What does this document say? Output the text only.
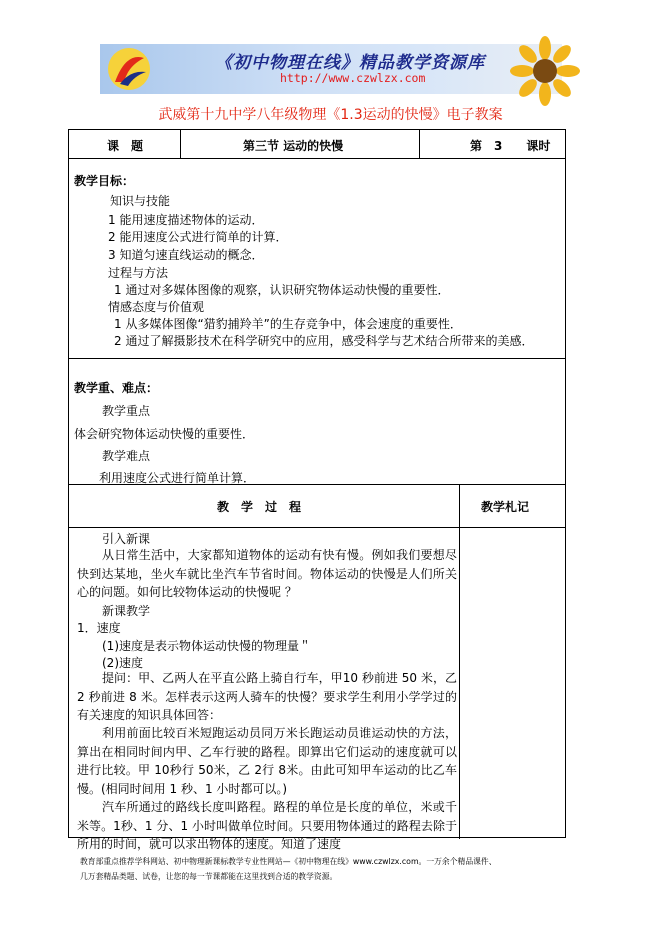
《初中物理在线》精品教学资源库
http://www.czwlzx.com
武威第十九中学八年级物理《1.3运动的快慢》电子教案
课　题	第三节 运动的快慢	第　3　　课时
教学目标：
知识与技能
1 能用速度描述物体的运动．
2 能用速度公式进行简单的计算．
3 知道匀速直线运动的概念．
过程与方法
1 通过对多媒体图像的观察，认识研究物体运动快慢的重要性．
情感态度与价值观
1 从多媒体图像“猎豹捕羚羊”的生存竞争中，体会速度的重要性．
2 通过了解摄影技术在科学研究中的应用，感受科学与艺术结合所带来的美感．
教学重、难点：
教学重点
体会研究物体运动快慢的重要性．
教学难点
利用速度公式进行简单计算．
教　学　过　程	教学札记
引入新课
从日常生活中，大家都知道物体的运动有快有慢。例如我们要想尽快到达某地，坐火车就比坐汽车节省时间。物体运动的快慢是人们所关心的问题。如何比较物体运动的快慢呢 ？
新课教学
1．速度
(1)速度是表示物体运动快慢的物理量＂
(2)速度
提问：甲、乙两人在平直公路上骑自行车，甲10 秒前进 50 米，乙 2 秒前进 8 米。怎样表示这两人骑车的快慢？要求学生利用小学学过的有关速度的知识具体回答：
利用前面比较百米短跑运动员同万米长跑运动员谁运动快的方法，算出在相同时间内甲、乙车行驶的路程。即算出它们运动的速度就可以进行比较。甲 10秒行 50米，乙 2行 8米。由此可知甲车运动的比乙车慢。(相同时间用 1 秒、1 小时都可以。)
汽车所通过的路线长度叫路程。路程的单位是长度的单位，米或千米等。1秒、1 分、1 小时叫做单位时间。只要用物体通过的路程去除于所用的时间，就可以求出物体的速度。知道了速度
教育部重点推荐学科网站、初中物理新课标教学专业性网站—《初中物理在线》www.czwlzx.com。一万余个精品课件、
几万套精品类题、试卷，让您的每一节课都能在这里找到合适的教学资源。
